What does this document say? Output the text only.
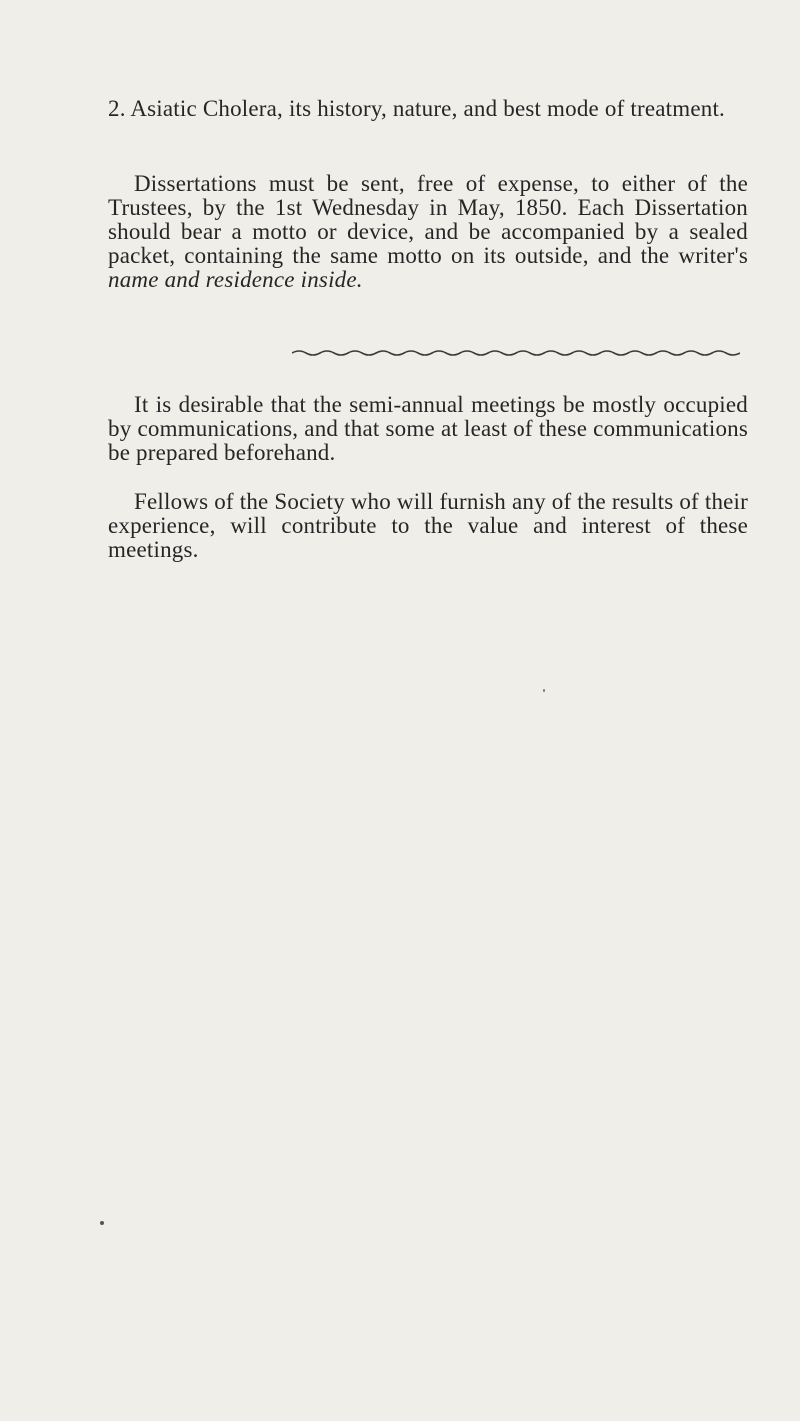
2. Asiatic Cholera, its history, nature, and best mode of treatment.
Dissertations must be sent, free of expense, to either of the Trustees, by the 1st Wednesday in May, 1850. Each Dissertation should bear a motto or device, and be accompanied by a sealed packet, containing the same motto on its outside, and the writer's name and residence inside.
It is desirable that the semi-annual meetings be mostly occupied by communications, and that some at least of these communications be prepared beforehand.
Fellows of the Society who will furnish any of the results of their experience, will contribute to the value and interest of these meetings.
